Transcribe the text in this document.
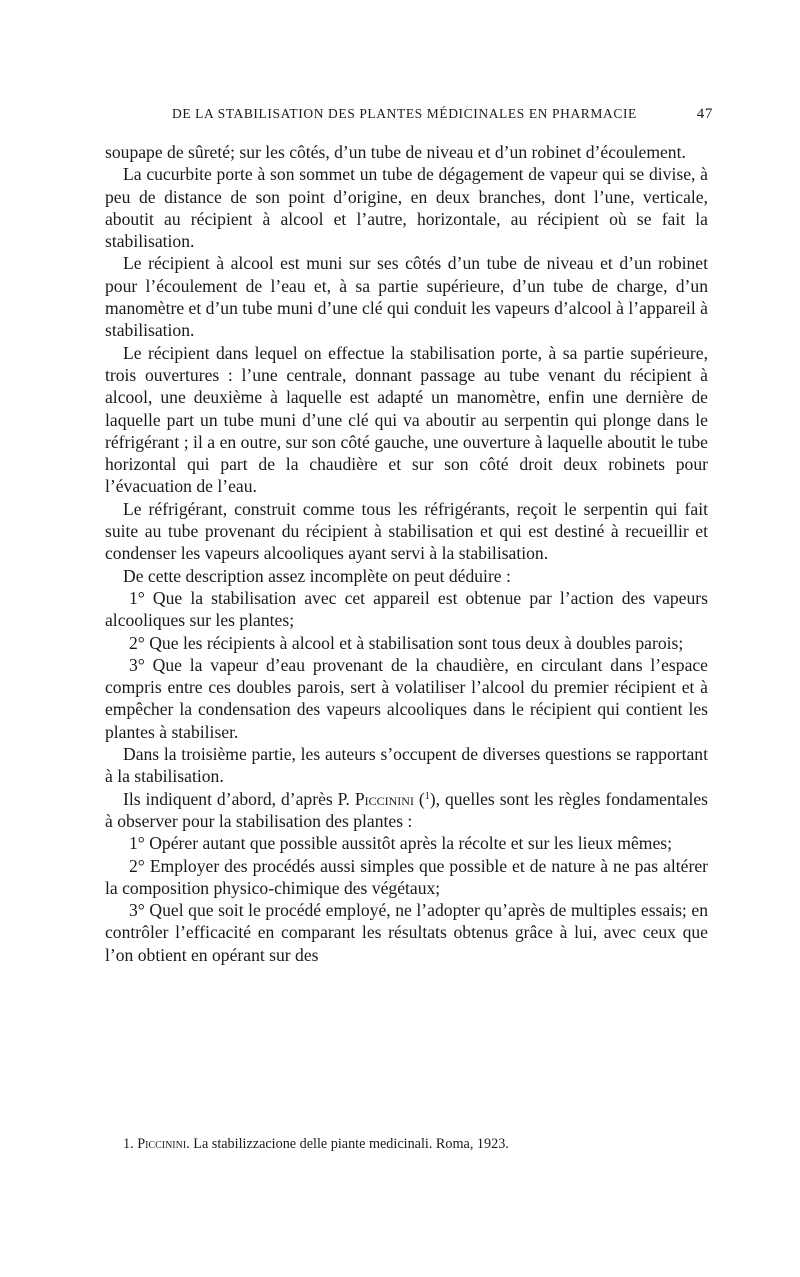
DE LA STABILISATION DES PLANTES MÉDICINALES EN PHARMACIE	47

soupape de sûreté; sur les côtés, d’un tube de niveau et d’un robinet d’écoulement.

La cucurbite porte à son sommet un tube de dégagement de vapeur qui se divise, à peu de distance de son point d’origine, en deux branches, dont l’une, verticale, aboutit au récipient à alcool et l’autre, horizontale, au récipient où se fait la stabilisation.

Le récipient à alcool est muni sur ses côtés d’un tube de niveau et d’un robinet pour l’écoulement de l’eau et, à sa partie supérieure, d’un tube de charge, d’un manomètre et d’un tube muni d’une clé qui conduit les vapeurs d’alcool à l’appareil à stabilisation.

Le récipient dans lequel on effectue la stabilisation porte, à sa partie supérieure, trois ouvertures : l’une centrale, donnant passage au tube venant du récipient à alcool, une deuxième à laquelle est adapté un manomètre, enfin une dernière de laquelle part un tube muni d’une clé qui va aboutir au serpentin qui plonge dans le réfrigérant ; il a en outre, sur son côté gauche, une ouverture à laquelle aboutit le tube horizontal qui part de la chaudière et sur son côté droit deux robinets pour l’évacuation de l’eau.

Le réfrigérant, construit comme tous les réfrigérants, reçoit le serpentin qui fait suite au tube provenant du récipient à stabilisation et qui est destiné à recueillir et condenser les vapeurs alcooliques ayant servi à la stabilisation.

De cette description assez incomplète on peut déduire :

1° Que la stabilisation avec cet appareil est obtenue par l’action des vapeurs alcooliques sur les plantes;

2° Que les récipients à alcool et à stabilisation sont tous deux à doubles parois;

3° Que la vapeur d’eau provenant de la chaudière, en circulant dans l’espace compris entre ces doubles parois, sert à volatiliser l’alcool du premier récipient et à empêcher la condensation des vapeurs alcooliques dans le récipient qui contient les plantes à stabiliser.

Dans la troisième partie, les auteurs s’occupent de diverses questions se rapportant à la stabilisation.

Ils indiquent d’abord, d’après P. Piccinini ($^1$), quelles sont les règles fondamentales à observer pour la stabilisation des plantes :

1° Opérer autant que possible aussitôt après la récolte et sur les lieux mêmes;

2° Employer des procédés aussi simples que possible et de nature à ne pas altérer la composition physico-chimique des végétaux;

3° Quel que soit le procédé employé, ne l’adopter qu’après de multiples essais; en contrôler l’efficacité en comparant les résultats obtenus grâce à lui, avec ceux que l’on obtient en opérant sur des

1. Piccinini. La stabilizzacione delle piante medicinali. Roma, 1923.
